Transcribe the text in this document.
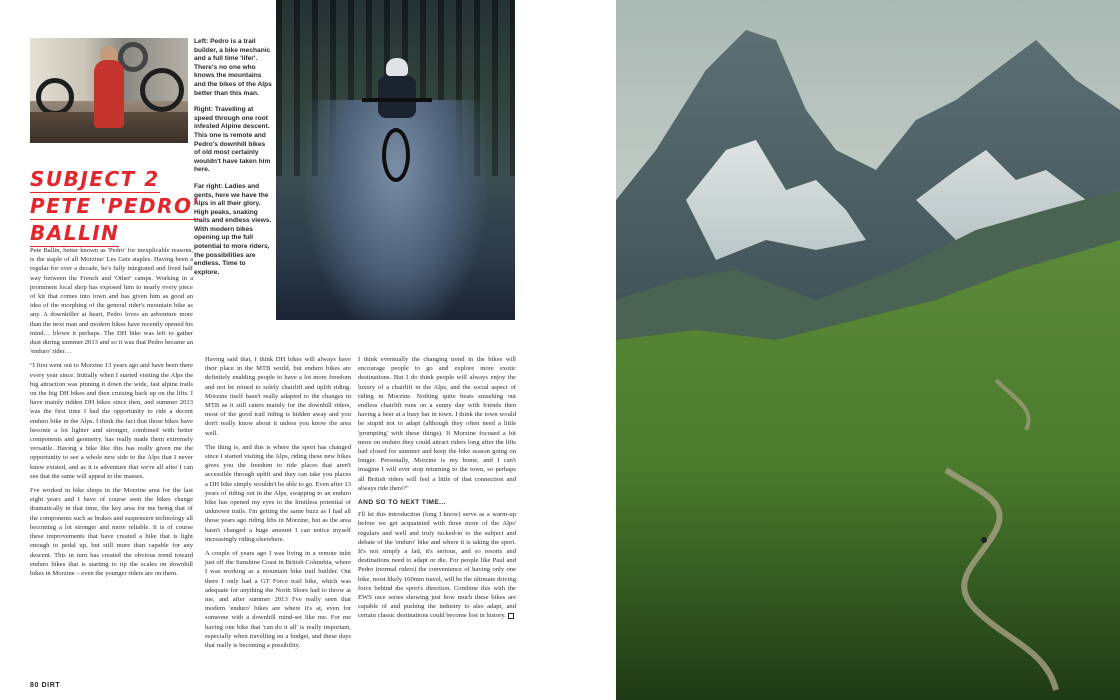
Left: Pedro is a trail builder, a bike mechanic and a full time 'lifer'. There's no one who knows the mountains and the bikes of the Alps better than this man.

Right: Travelling at speed through one root infested Alpine descent. This one is remote and Pedro's downhill bikes of old most certainly wouldn't have taken him here.

Far right: Ladies and gents, here we have the Alps in all their glory. High peaks, snaking trails and endless views. With modern bikes opening up the full potential to more riders, the possibilities are endless. Time to explore.

SUBJECT 2
PETE 'PEDRO'
BALLIN

Pete Ballin, better known as 'Pedro' for inexplicable reasons, is the staple of all Morzine/ Les Gets staples. Having been a regular for over a decade, he's fully integrated and lived half way between the French and 'Other' camps. Working in a prominent local shop has exposed him to nearly every piece of kit that comes into town and has given him as good an idea of the morphing of the general rider's mountain bike as any. A downhiller at heart, Pedro loves an adventure more than the next man and modern bikes have recently opened his mind… blown it perhaps. The DH bike was left to gather dust during summer 2013 and so it was that Pedro became an 'enduro' rider…

"I first went out to Morzine 13 years ago and have been there every year since. Initially when I started visiting the Alps the big attraction was pinning it down the wide, fast alpine trails on the big DH bikes and then cruising back up on the lifts. I have mainly ridden DH bikes since then, and summer 2013 was the first time I had the opportunity to ride a decent enduro bike in the Alps. I think the fact that those bikes have become a lot lighter and stronger, combined with better components and geometry, has really made them extremely versatile. Having a bike like this has really given me the opportunity to see a whole new side to the Alps that I never knew existed, and as it is adventure that we're all after I can see that the same will appeal to the masses.

I've worked in bike shops in the Morzine area for the last eight years and I have of course seen the bikes change dramatically in that time, the key area for me being that of the components such as brakes and suspension technology all becoming a lot stronger and more reliable. It is of course these improvements that have created a bike that is light enough to pedal up, but still more than capable for any descent. This in turn has created the obvious trend toward enduro bikes that is starting to tip the scales on downhill bikes in Morzine – even the younger riders are on them.

Having said that, I think DH bikes will always have their place in the MTB world, but enduro bikes are definitely enabling people to have a lot more freedom and not be reined to solely chairlift and uplift riding. Morzine itself hasn't really adapted to the changes in MTB as it still caters mainly for the downhill riders, most of the good trail riding is hidden away and you don't really know about it unless you know the area well.

The thing is, and this is where the sport has changed since I started visiting the Alps, riding these new bikes gives you the freedom to ride places that aren't accessible through uplift and they can take you places a DH bike simply wouldn't be able to go. Even after 13 years of riding out in the Alps, swapping to an enduro bike has opened my eyes to the limitless potential of unknown trails. I'm getting the same buzz as I had all those years ago riding lifts in Morzine, but as the area hasn't changed a huge amount I can notice myself increasingly riding elsewhere.

A couple of years ago I was living in a remote inlet just off the Sunshine Coast in British Columbia, where I was working as a mountain bike trail builder. Out there I only had a GT Force trail bike, which was adequate for anything the North Shore had to throw at me, and after summer 2013 I've really seen that modern 'enduro' bikes are where it's at, even for someone with a downhill mind-set like me. For me having one bike that 'can do it all' is really important, especially when travelling on a budget, and these days that really is becoming a possibility.

I think eventually the changing trend in the bikes will encourage people to go and explore more exotic destinations. But I do think people will always enjoy the luxury of a chairlift in the Alps, and the social aspect of riding in Morzine. Nothing quite beats smashing out endless chairlift runs on a sunny day with friends then having a beer at a busy bar in town. I think the town would be stupid not to adapt (although they often need a little 'prompting' with these things). If Morzine focused a bit more on enduro they could attract riders long after the lifts had closed for summer and keep the bike season going on longer. Personally, Morzine is my home, and I can't imagine I will ever stop returning to the town, so perhaps all British riders will feel a little of that connection and always ride there?"

AND SO TO NEXT TIME...

I'll let this introduction (long I know) serve as a warm-up before we get acquainted with three more of the Alps' regulars and well and truly tucked-in to the subject and debate of the 'enduro' bike and where it is taking the sport. It's not simply a fad, it's serious, and so resorts and destinations need to adapt or die. For people like Paul and Pedro (normal riders) the convenience of having only one bike, most likely 160mm travel, will be the ultimate driving force behind the sport's direction. Combine this with the EWS race series showing just how much these bikes are capable of and pushing the industry to also adapt, and certain classic destinations could become lost in history.

80 DIRT
